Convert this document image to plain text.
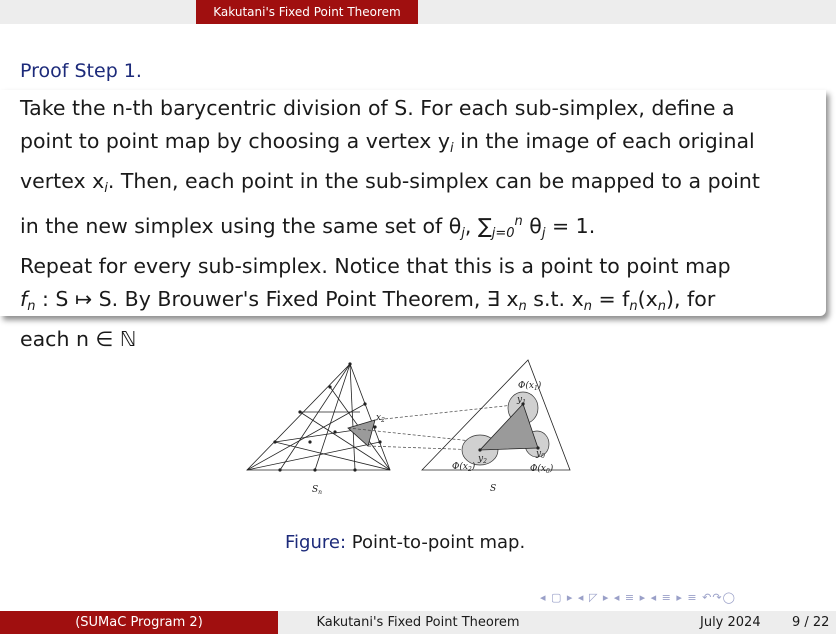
Kakutani's Fixed Point Theorem
Proof Step 1.

Take the n-th barycentric division of S. For each sub-simplex, define a

point to point map by choosing a vertex $y_i$ in the image of each original

vertex $x_i$. Then, each point in the sub-simplex can be mapped to a point

in the new simplex using the same set of $\theta_j$, $\sum_{j=0}^n$ $\theta_j = 1$.

Repeat for every sub-simplex. Notice that this is a point to point map

$f_n$ : S ↦ S. By Brouwer's Fixed Point Theorem, ∃ $x_n$ s.t. $x_n = f_n(x_n)$, for

each n ∈ ℕ

$\Phi(x_1)$
$y_1$
$x_2$
$y_2$
$y_0$
$\Phi(x_2)$	$\Phi(x_0)$
$S_n$	S
Figure: Point-to-point map.
◂ ▢ ▸ ◂ ◸ ▸ ◂ ≡ ▸ ◂ ≡ ▸ ≡ ↶↷◯
(SUMaC Program 2)	Kakutani's Fixed Point Theorem	July 2024 9 / 22
